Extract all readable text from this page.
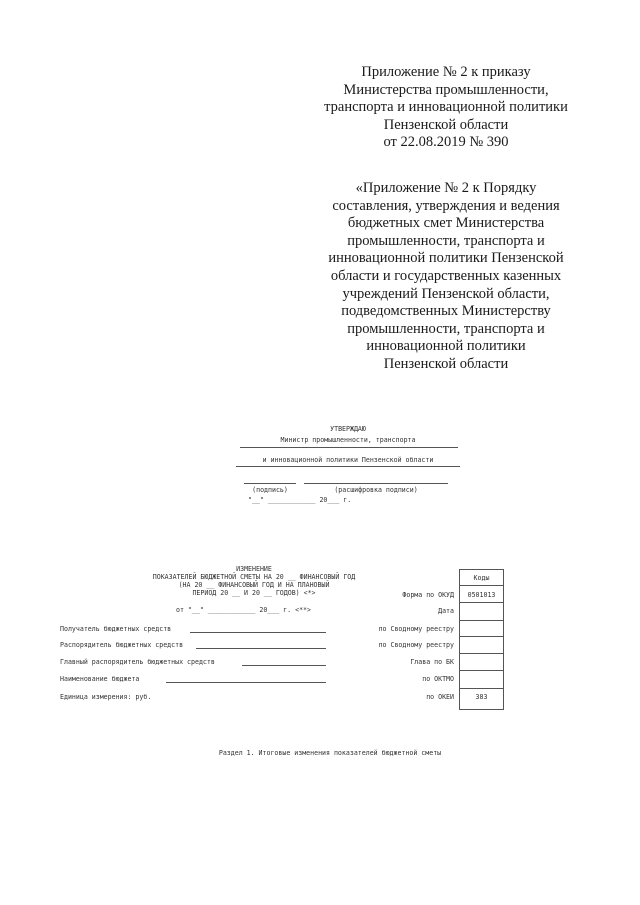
Приложение № 2 к приказу
Министерства промышленности,
транспорта и инновационной политики
Пензенской области
от 22.08.2019 № 390
«Приложение № 2 к Порядку
составления, утверждения и ведения
бюджетных смет Министерства
промышленности, транспорта и
инновационной политики Пензенской
области и государственных казенных
учреждений Пензенской области,
подведомственных Министерству
промышленности, транспорта и
инновационной политики
Пензенской области
УТВЕРЖДАЮ
Министр промышленности, транспорта
и инновационной политики Пензенской области
(подпись)	(расшифровка подписи)
"__" ____________ 20___ г.
ИЗМЕНЕНИЕ
ПОКАЗАТЕЛЕЙ БЮДЖЕТНОЙ СМЕТЫ НА 20 __ ФИНАНСОВЫЙ ГОД
(НА 20 __ ФИНАНСОВЫЙ ГОД И НА ПЛАНОВЫЙ
ПЕРИОД 20 __ И 20 __ ГОДОВ) <*>
от "__" ____________ 20___ г. <**>
Получатель бюджетных средств
Распорядитель бюджетных средств
Главный распорядитель бюджетных средств
Наименование бюджета
Единица измерения: руб.
Форма по ОКУД
Дата
по Сводному реестру
по Сводному реестру
Глава по БК
по ОКТМО
по ОКЕИ
Коды
0501013
383
Раздел 1. Итоговые изменения показателей бюджетной сметы
